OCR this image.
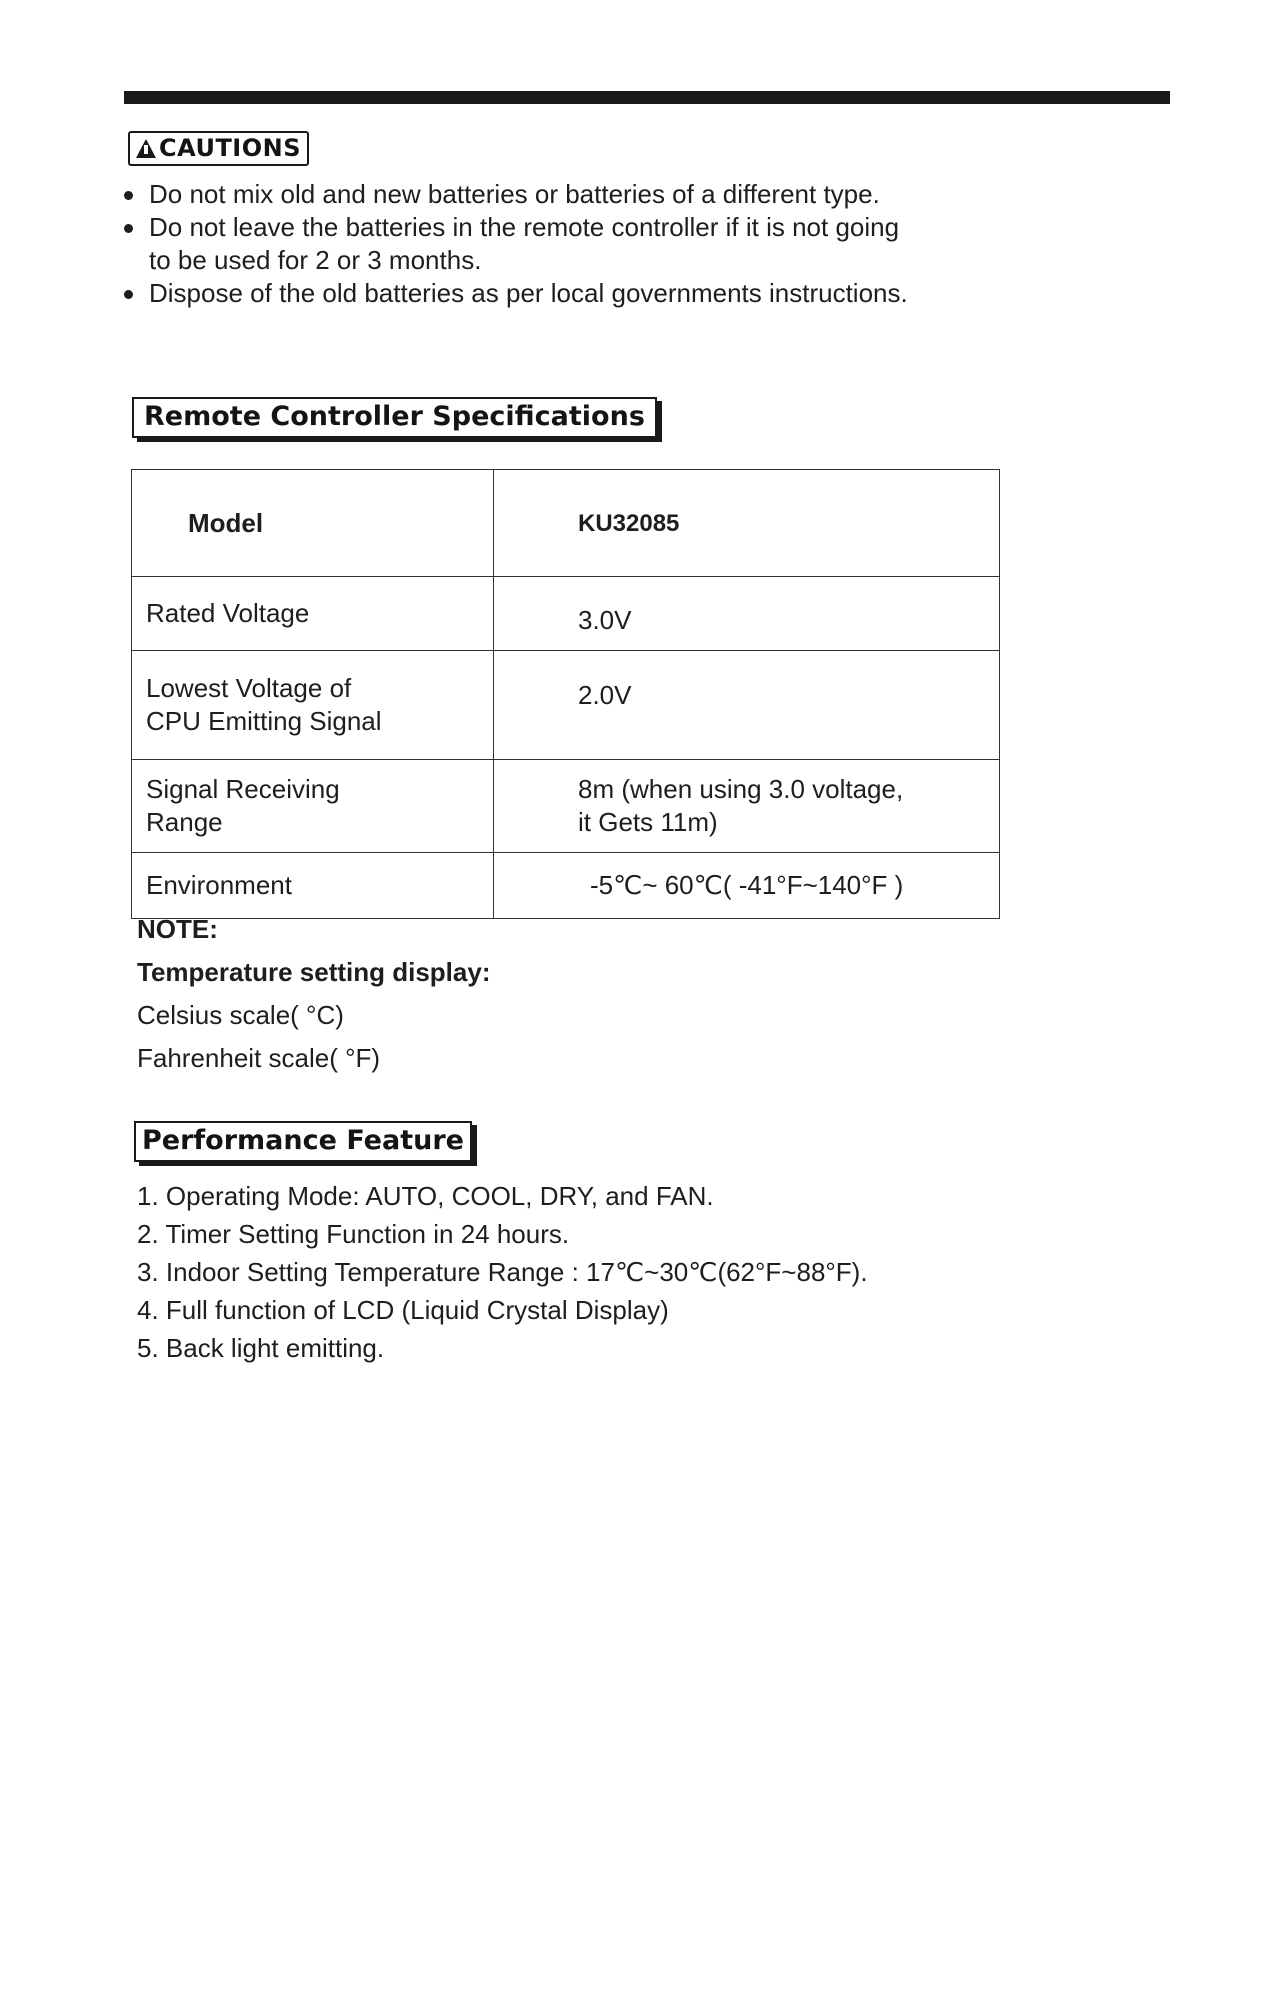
CAUTIONS
Do not mix old and new batteries or batteries of a different type.
Do not leave the batteries in the remote controller if it is not going
to be used for 2 or 3 months.
Dispose of the old batteries as per local governments instructions.
Remote Controller Specifications
Model	KU32085
Rated Voltage	3.0V
Lowest Voltage of
CPU Emitting Signal	2.0V
Signal Receiving
Range	8m (when using 3.0 voltage,
it Gets 11m)
Environment	-5℃~ 60℃( -41°F~140°F )
NOTE:
Temperature setting display:
Celsius scale( °C)
Fahrenheit scale( °F)
Performance Feature
1. Operating Mode: AUTO, COOL, DRY, and FAN.
2. Timer Setting Function in 24 hours.
3. Indoor Setting Temperature Range : 17℃~30℃(62°F~88°F).
4. Full function of LCD (Liquid Crystal Display)
5. Back light emitting.
